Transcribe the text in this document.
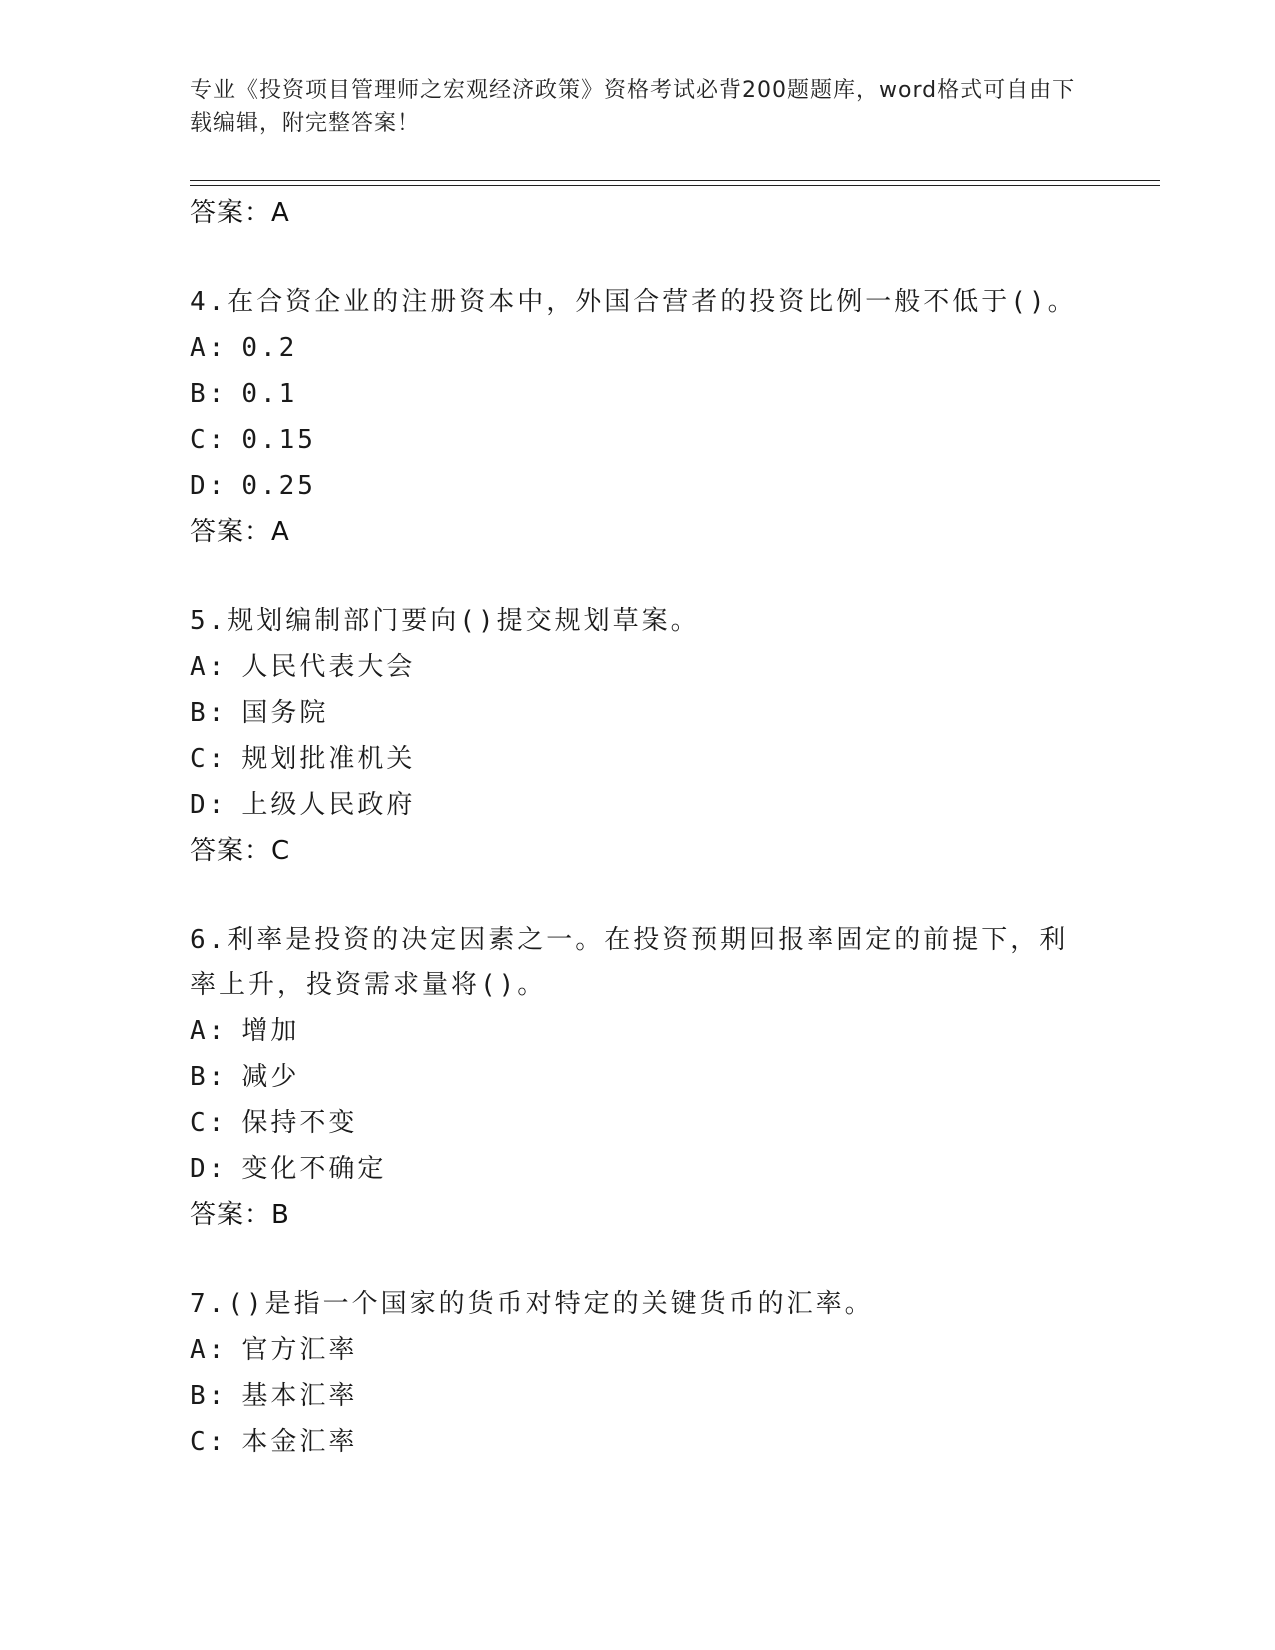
专业《投资项目管理师之宏观经济政策》资格考试必背200题题库，word格式可自由下载编辑，附完整答案！
答案：A
4.在合资企业的注册资本中，外国合营者的投资比例一般不低于()。
A: 0.2
B: 0.1
C: 0.15
D: 0.25
答案：A
5.规划编制部门要向()提交规划草案。
A: 人民代表大会
B: 国务院
C: 规划批准机关
D: 上级人民政府
答案：C
6.利率是投资的决定因素之一。在投资预期回报率固定的前提下，利率上升，投资需求量将()。
A: 增加
B: 减少
C: 保持不变
D: 变化不确定
答案：B
7.()是指一个国家的货币对特定的关键货币的汇率。
A: 官方汇率
B: 基本汇率
C: 本金汇率
